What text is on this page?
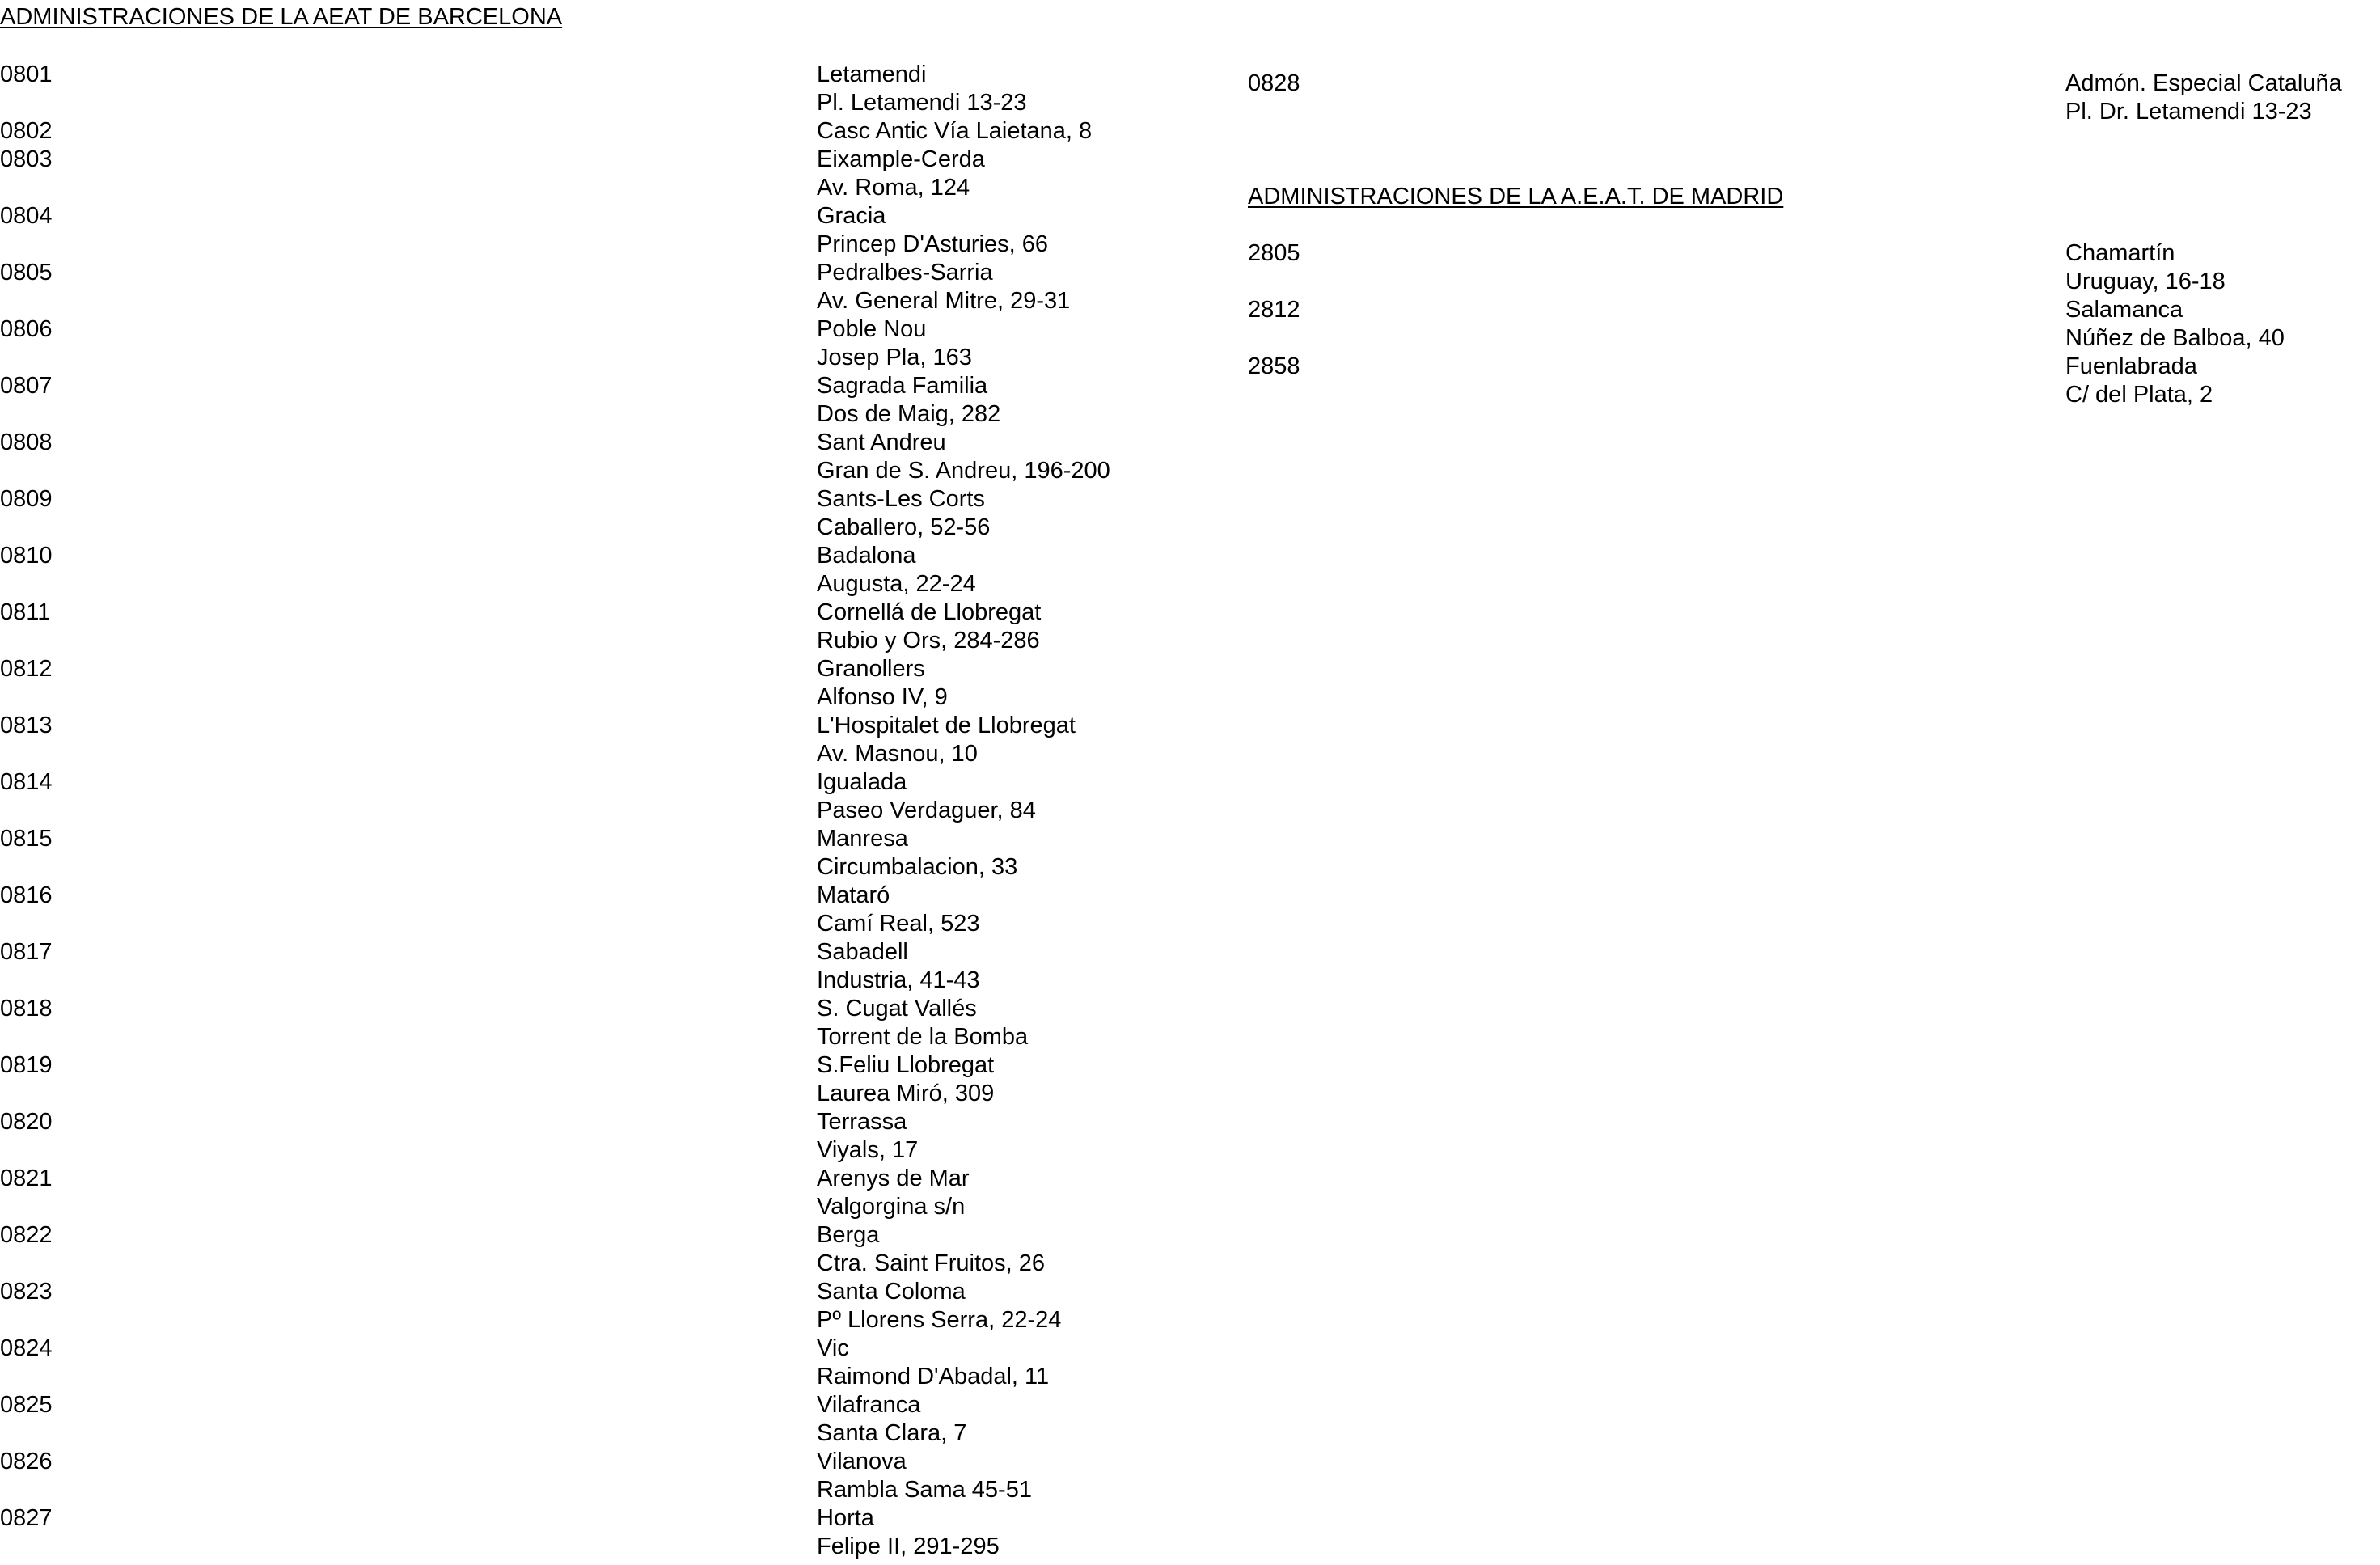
ADMINISTRACIONES DE LA AEAT DE BARCELONA
ADMINISTRACIONES DE LA A.E.A.T. DE MADRID
0801	Letamendi
Pl. Letamendi 13-23
0802	Casc Antic Vía Laietana, 8
0803	Eixample-Cerda
Av. Roma, 124
0804	Gracia
Princep D'Asturies, 66
0805	Pedralbes-Sarria
Av. General Mitre, 29-31
0806	Poble Nou
Josep Pla, 163
0807	Sagrada Familia
Dos de Maig, 282
0808	Sant Andreu
Gran de S. Andreu, 196-200
0809	Sants-Les Corts
Caballero, 52-56
0810	Badalona
Augusta, 22-24
0811	Cornellá de Llobregat
Rubio y Ors, 284-286
0812	Granollers
Alfonso IV, 9
0813	L'Hospitalet de Llobregat
Av. Masnou, 10
0814	Igualada
Paseo Verdaguer, 84
0815	Manresa
Circumbalacion, 33
0816	Mataró
Camí Real, 523
0817	Sabadell
Industria, 41-43
0818	S. Cugat Vallés
Torrent de la Bomba
0819	S.Feliu Llobregat
Laurea Miró, 309
0820	Terrassa
Viyals, 17
0821	Arenys de Mar
Valgorgina s/n
0822	Berga
Ctra. Saint Fruitos, 26
0823	Santa Coloma
Pº Llorens Serra, 22-24
0824	Vic
Raimond D'Abadal, 11
0825	Vilafranca
Santa Clara, 7
0826	Vilanova
Rambla Sama 45-51
0827	Horta
Felipe II, 291-295
0828	Admón. Especial Cataluña
Pl. Dr. Letamendi 13-23
2805	Chamartín
Uruguay, 16-18
2812	Salamanca
Núñez de Balboa, 40
2858	Fuenlabrada
C/ del Plata, 2
